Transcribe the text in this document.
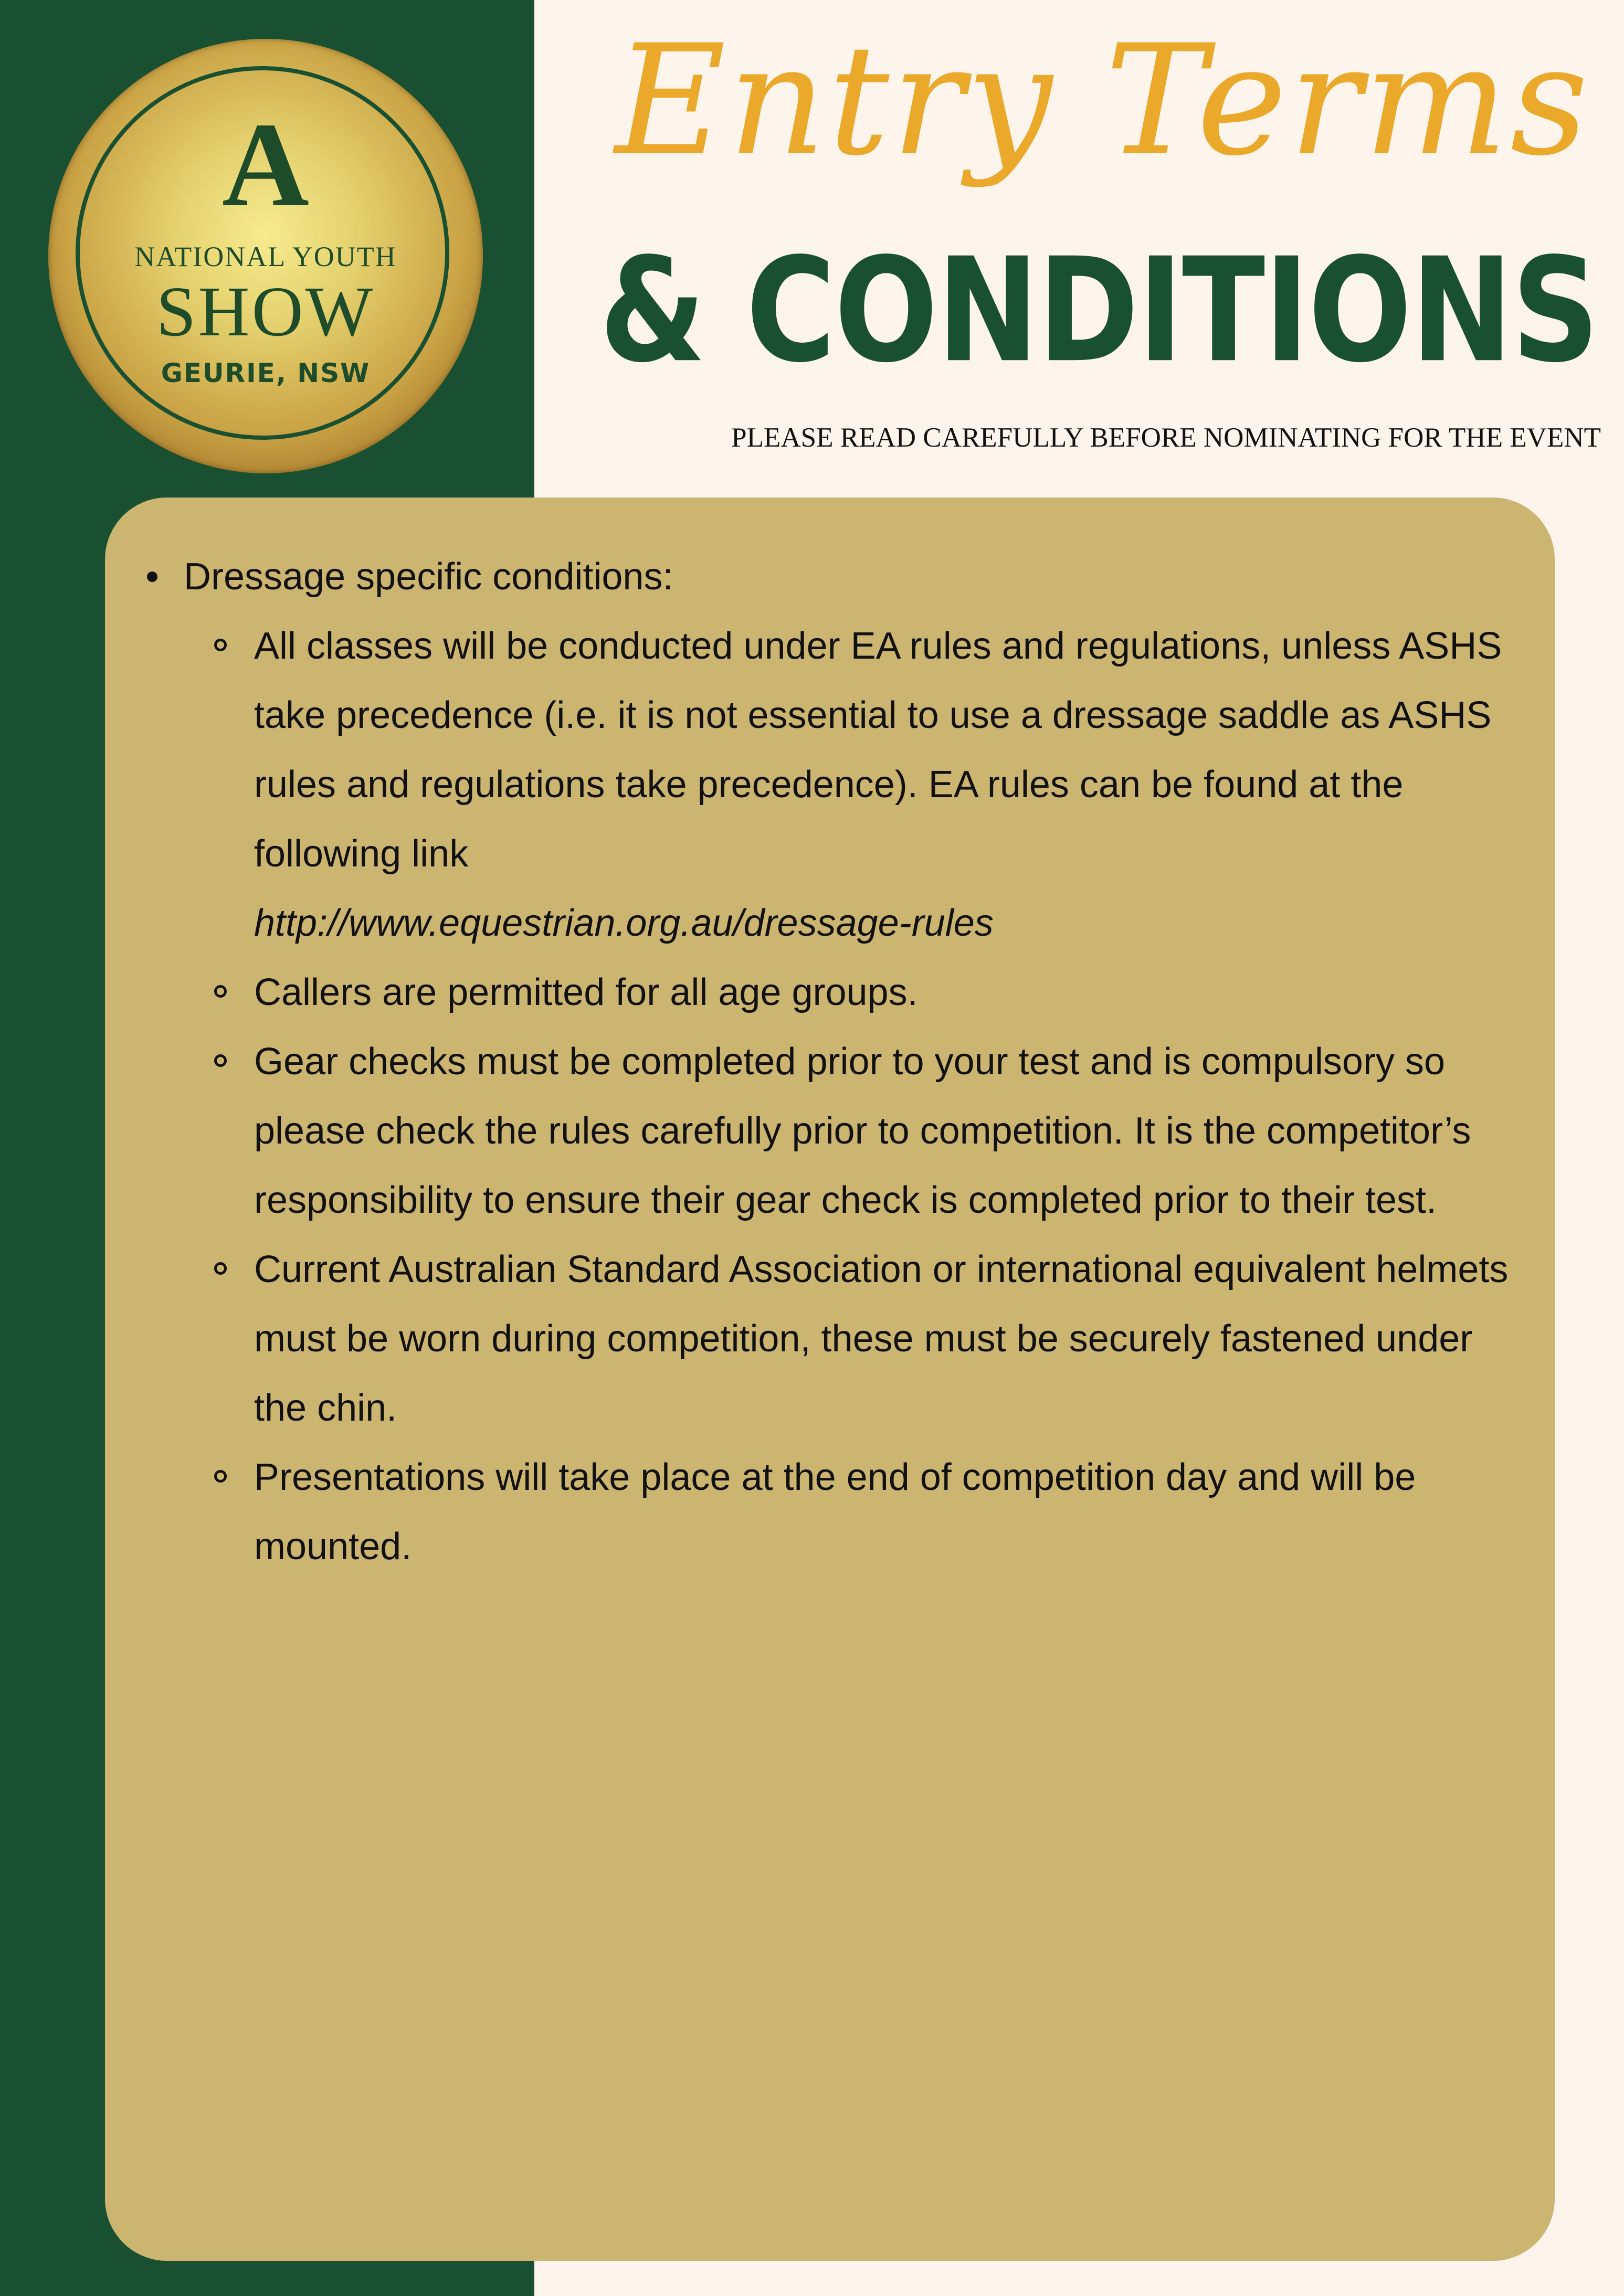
A
NATIONAL YOUTH
SHOW
GEURIE, NSW
Entry Terms
& CONDITIONS
PLEASE READ CAREFULLY BEFORE NOMINATING FOR THE EVENT
Dressage specific conditions:
All classes will be conducted under EA rules and regulations, unless ASHS take precedence (i.e. it is not essential to use a dressage saddle as ASHS rules and regulations take precedence). EA rules can be found at the following link
http://www.equestrian.org.au/dressage-rules
Callers are permitted for all age groups.
Gear checks must be completed prior to your test and is compulsory so please check the rules carefully prior to competition. It is the competitor’s responsibility to ensure their gear check is completed prior to their test.
Current Australian Standard Association or international equivalent helmets must be worn during competition, these must be securely fastened under the chin.
Presentations will take place at the end of competition day and will be mounted.
